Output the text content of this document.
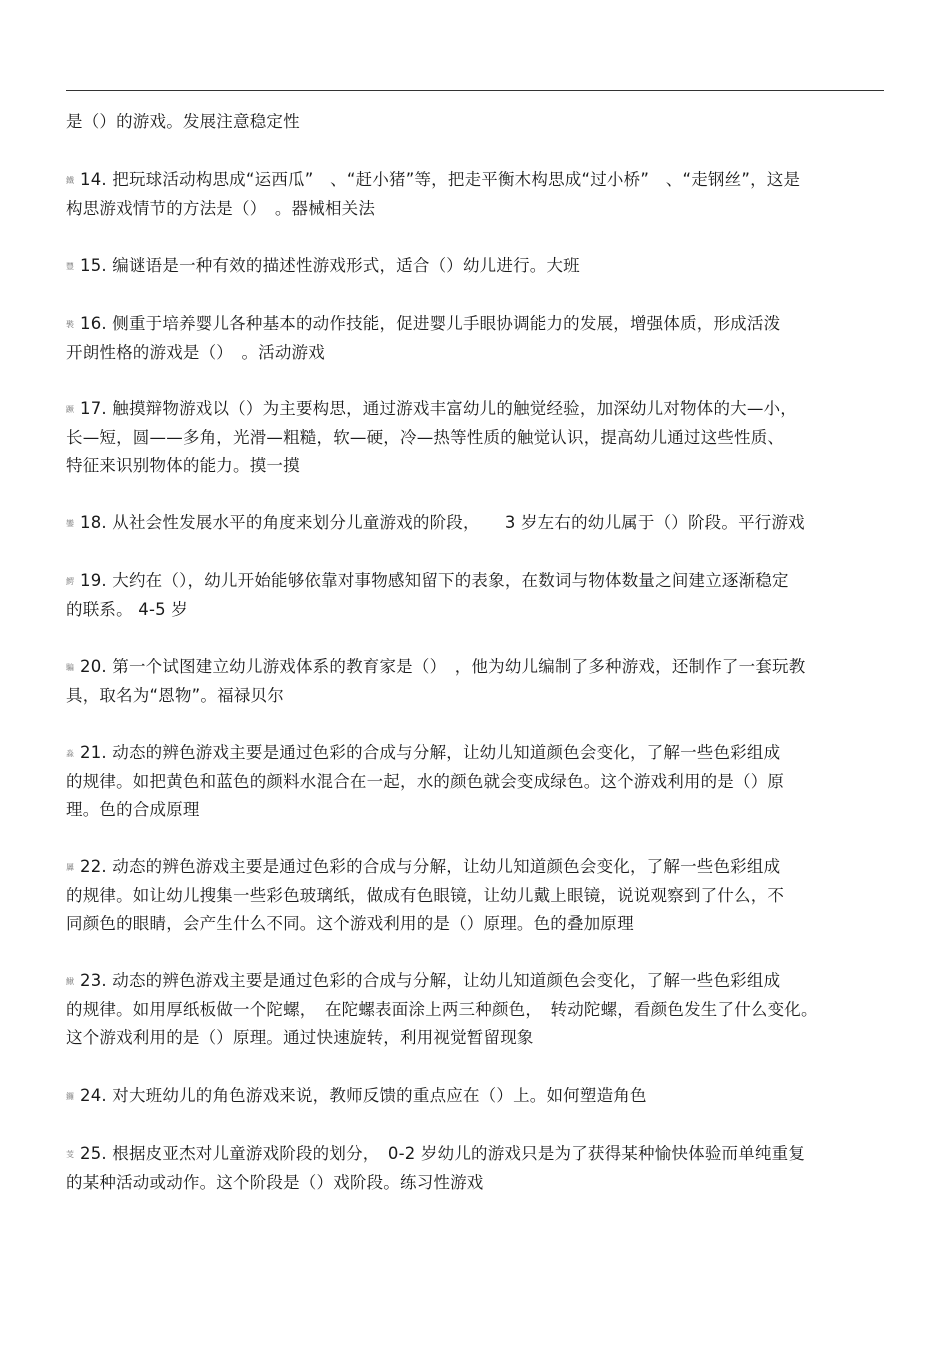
是（）的游戏。发展注意稳定性
鐵 14. 把玩球活动构思成“运西瓜”　、“赶小猪”等，把走平衡木构思成“过小桥”　、“走钢丝”，这是
构思游戏情节的方法是（）　。器械相关法
豐 15. 编谜语是一种有效的描述性游戏形式，适合（）幼儿进行。大班
褧 16. 侧重于培养婴儿各种基本的动作技能，促进婴儿手眼协调能力的发展，增强体质，形成活泼
开朗性格的游戏是（）　。活动游戏
蹶 17. 触摸辩物游戏以（）为主要构思，通过游戏丰富幼儿的触觉经验，加深幼儿对物体的大—小，
长—短，圆——多角，光滑—粗糙，软—硬，冷—热等性质的触觉认识，提高幼儿通过这些性质、
特征来识别物体的能力。摸一摸
鑾 18. 从社会性发展水平的角度来划分儿童游戏的阶段，　　3 岁左右的幼儿属于（）阶段。平行游戏
鰐 19. 大约在（），幼儿开始能够依靠对事物感知留下的表象，在数词与物体数量之间建立逐渐稳定
的联系。 4-5 岁
騙 20. 第一个试图建立幼儿游戏体系的教育家是（）　，他为幼儿编制了多种游戏，还制作了一套玩教
具，取名为“恩物”。福禄贝尔
淼 21. 动态的辨色游戏主要是通过色彩的合成与分解，让幼儿知道颜色会变化，了解一些色彩组成
的规律。如把黄色和蓝色的颜料水混合在一起，水的颜色就会变成绿色。这个游戏利用的是（）原
理。色的合成原理
羼 22. 动态的辨色游戏主要是通过色彩的合成与分解，让幼儿知道颜色会变化，了解一些色彩组成
的规律。如让幼儿搜集一些彩色玻璃纸，做成有色眼镜，让幼儿戴上眼镜，说说观察到了什么，不
同颜色的眼睛，会产生什么不同。这个游戏利用的是（）原理。色的叠加原理
鰍 23. 动态的辨色游戏主要是通过色彩的合成与分解，让幼儿知道颜色会变化，了解一些色彩组成
的规律。如用厚纸板做一个陀螺，　在陀螺表面涂上两三种颜色，　转动陀螺，看颜色发生了什么变化。
这个游戏利用的是（）原理。通过快速旋转，利用视觉暂留现象
鑼 24. 对大班幼儿的角色游戏来说，教师反馈的重点应在（）上。如何塑造角色
芰 25. 根据皮亚杰对儿童游戏阶段的划分，　0-2 岁幼儿的游戏只是为了获得某种愉快体验而单纯重复
的某种活动或动作。这个阶段是（）戏阶段。练习性游戏
